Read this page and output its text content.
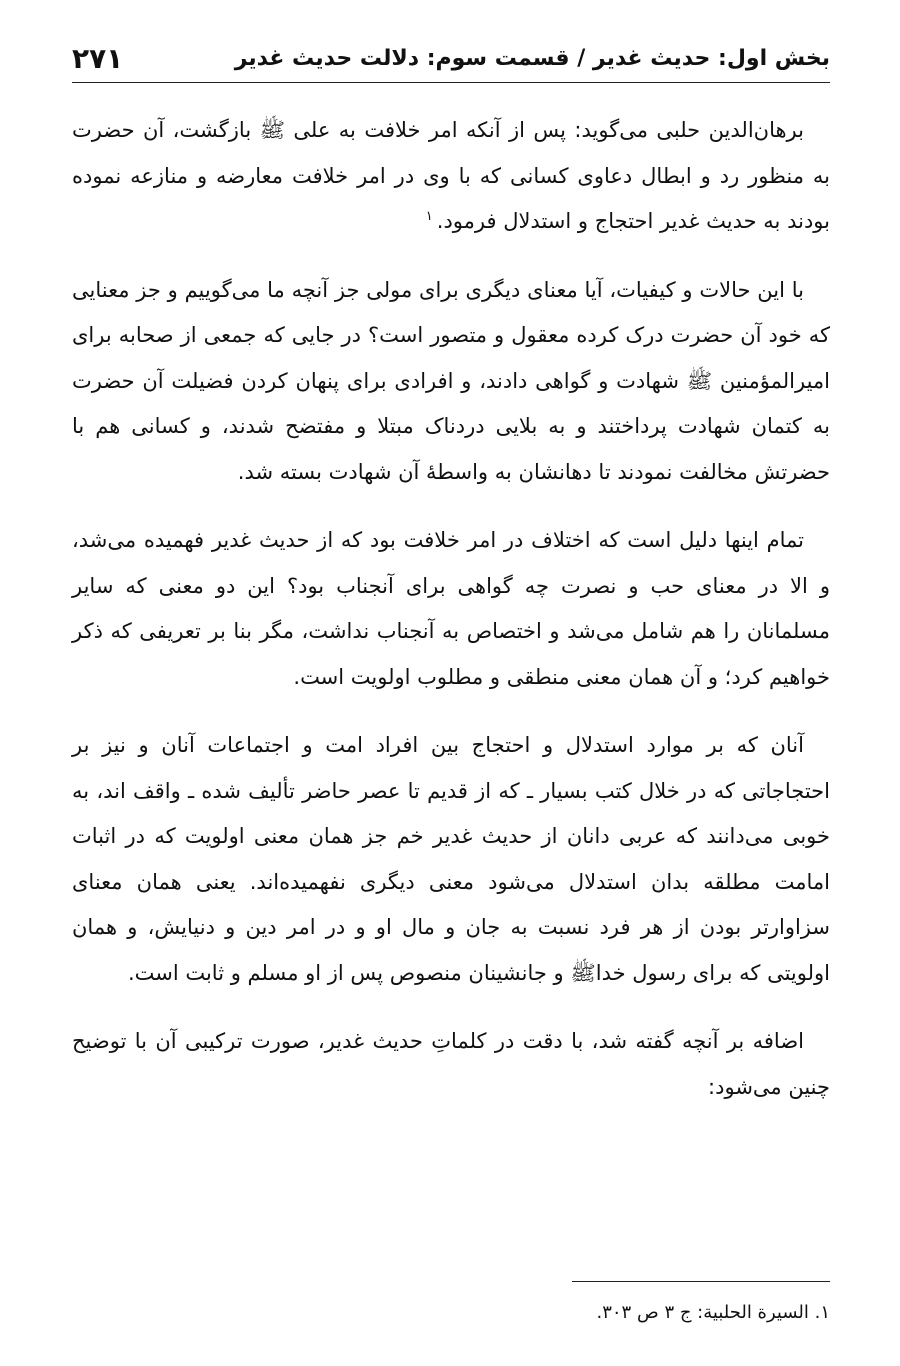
بخش اول: حدیث غدیر / قسمت سوم: دلالت حدیث غدیر
۲۷۱

برهان‌الدین حلبی می‌گوید: پس از آنکه امر خلافت به علی ﷺ بازگشت، آن حضرت به منظور رد و ابطال دعاوی کسانی که با وی در امر خلافت معارضه و منازعه نموده بودند به حدیث غدیر احتجاج و استدلال فرمود.$^۱$

با این حالات و کیفیات، آیا معنای دیگری برای مولی جز آنچه ما می‌گوییم و جز معنایی که خود آن حضرت درک کرده معقول و متصور است؟ در جایی که جمعی از صحابه برای امیرالمؤمنین ﷺ شهادت و گواهی دادند، و افرادی برای پنهان کردن فضیلت آن حضرت به کتمان شهادت پرداختند و به بلایی دردناک مبتلا و مفتضح شدند، و کسانی هم با حضرتش مخالفت نمودند تا دهانشان به واسطهٔ آن شهادت بسته شد.

تمام اینها دلیل است که اختلاف در امر خلافت بود که از حدیث غدیر فهمیده می‌شد، و الا در معنای حب و نصرت چه گواهی برای آنجناب بود؟ این دو معنی که سایر مسلمانان را هم شامل می‌شد و اختصاص به آنجناب نداشت، مگر بنا بر تعریفی که ذکر خواهیم کرد؛ و آن همان معنی منطقی و مطلوب اولویت است.

آنان که بر موارد استدلال و احتجاج بین افراد امت و اجتماعات آنان و نیز بر احتجاجاتی که در خلال کتب بسیار ـ که از قدیم تا عصر حاضر تألیف شده ـ واقف اند، به خوبی می‌دانند که عربی دانان از حدیث غدیر خم جز همان معنی اولویت که در اثبات امامت مطلقه بدان استدلال می‌شود معنی دیگری نفهمیده‌اند. یعنی همان معنای سزاوارتر بودن از هر فرد نسبت به جان و مال او و در امر دین و دنیایش، و همان اولویتی که برای رسول خداﷺ و جانشینان منصوص پس از او مسلم و ثابت است.

اضافه بر آنچه گفته شد، با دقت در کلماتِ حدیث غدیر، صورت ترکیبی آن با توضیح چنین می‌شود:

۱. السیرة الحلبیة: ج ۳ ص ۳۰۳.
